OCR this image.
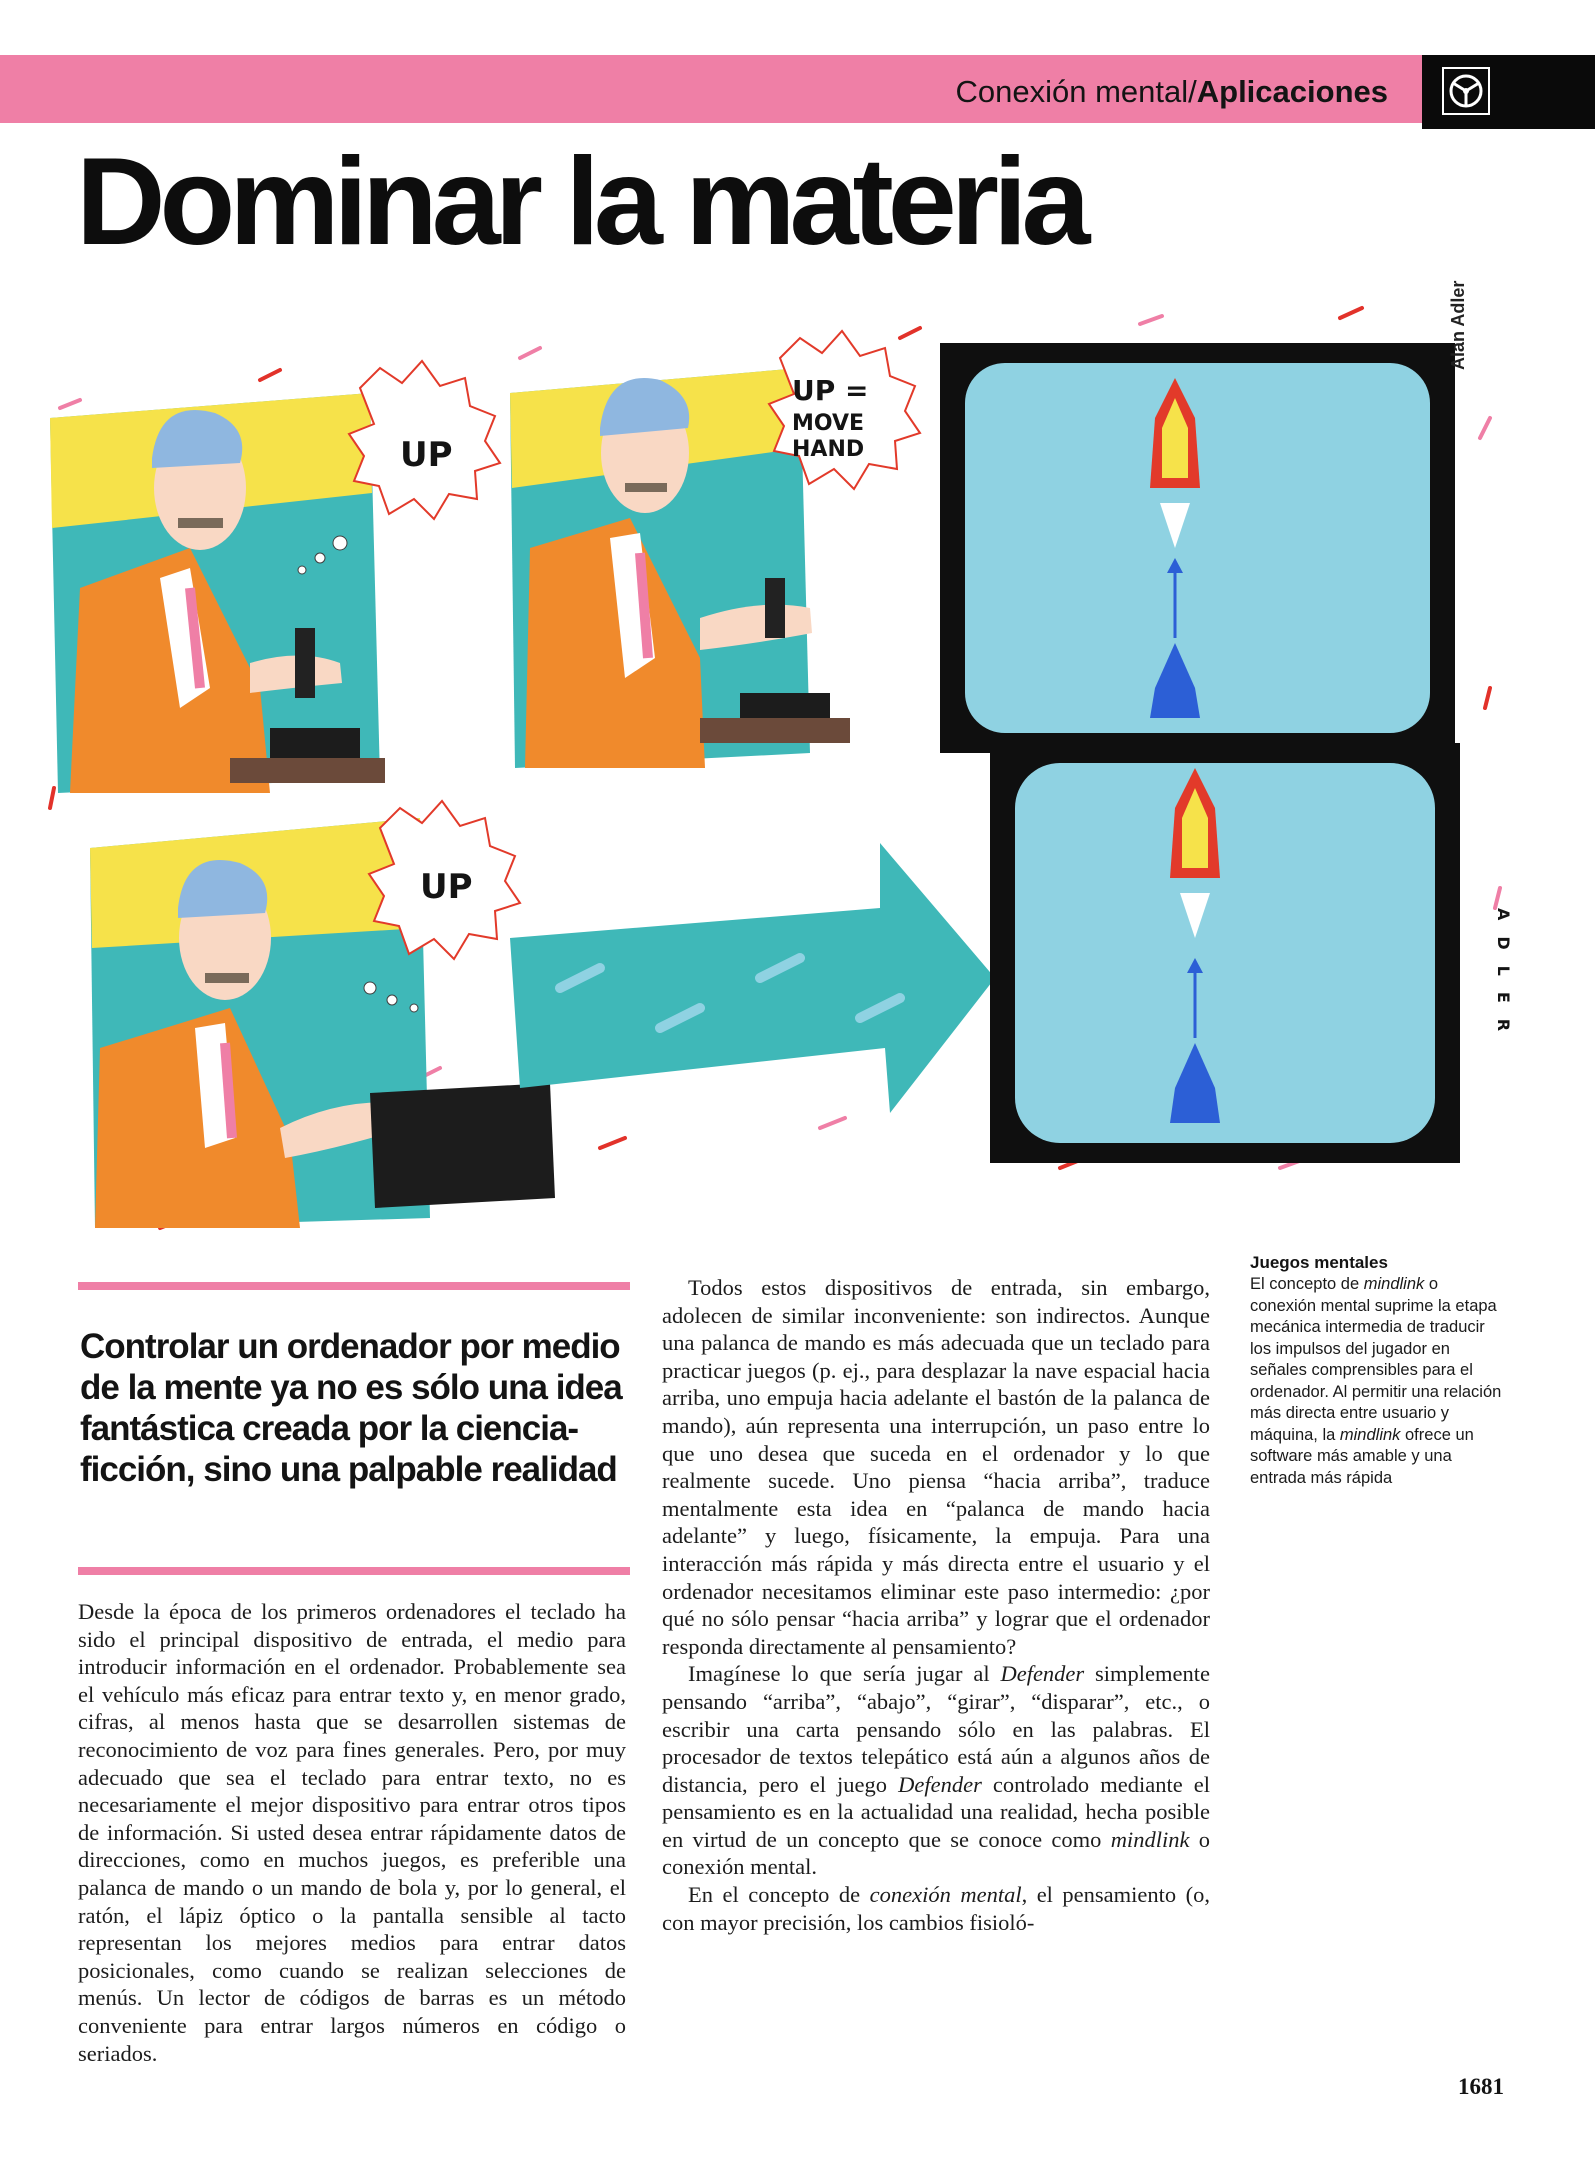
Conexión mental/Aplicaciones
Dominar la materia
UP
UP =
MOVE
HAND
UP
ADLER
Alan Adler

Controlar un ordenador por medio de la mente ya no es sólo una idea fantástica creada por la ciencia-ficción, sino una palpable realidad

Desde la época de los primeros ordenadores el teclado ha sido el principal dispositivo de entrada, el medio para introducir información en el ordenador. Probablemente sea el vehículo más eficaz para entrar texto y, en menor grado, cifras, al menos hasta que se desarrollen sistemas de reconocimiento de voz para fines generales. Pero, por muy adecuado que sea el teclado para entrar texto, no es necesariamente el mejor dispositivo para entrar otros tipos de información. Si usted desea entrar rápidamente datos de direcciones, como en muchos juegos, es preferible una palanca de mando o un mando de bola y, por lo general, el ratón, el lápiz óptico o la pantalla sensible al tacto representan los mejores medios para entrar datos posicionales, como cuando se realizan selecciones de menús. Un lector de códigos de barras es un método conveniente para entrar largos números en código o seriados.

Todos estos dispositivos de entrada, sin embargo, adolecen de similar inconveniente: son indirectos. Aunque una palanca de mando es más adecuada que un teclado para practicar juegos (p. ej., para desplazar la nave espacial hacia arriba, uno empuja hacia adelante el bastón de la palanca de mando), aún representa una interrupción, un paso entre lo que uno desea que suceda en el ordenador y lo que realmente sucede. Uno piensa “hacia arriba”, traduce mentalmente esta idea en “palanca de mando hacia adelante” y luego, físicamente, la empuja. Para una interacción más rápida y más directa entre el usuario y el ordenador necesitamos eliminar este paso intermedio: ¿por qué no sólo pensar “hacia arriba” y lograr que el ordenador responda directamente al pensamiento?

Imagínese lo que sería jugar al Defender simplemente pensando “arriba”, “abajo”, “girar”, “disparar”, etc., o escribir una carta pensando sólo en las palabras. El procesador de textos telepático está aún a algunos años de distancia, pero el juego Defender controlado mediante el pensamiento es en la actualidad una realidad, hecha posible en virtud de un concepto que se conoce como mindlink o conexión mental.

En el concepto de conexión mental, el pensamiento (o, con mayor precisión, los cambios fisioló-

Juegos mentales

El concepto de mindlink o conexión mental suprime la etapa mecánica intermedia de traducir los impulsos del jugador en señales comprensibles para el ordenador. Al permitir una relación más directa entre usuario y máquina, la mindlink ofrece un software más amable y una entrada más rápida

1681
